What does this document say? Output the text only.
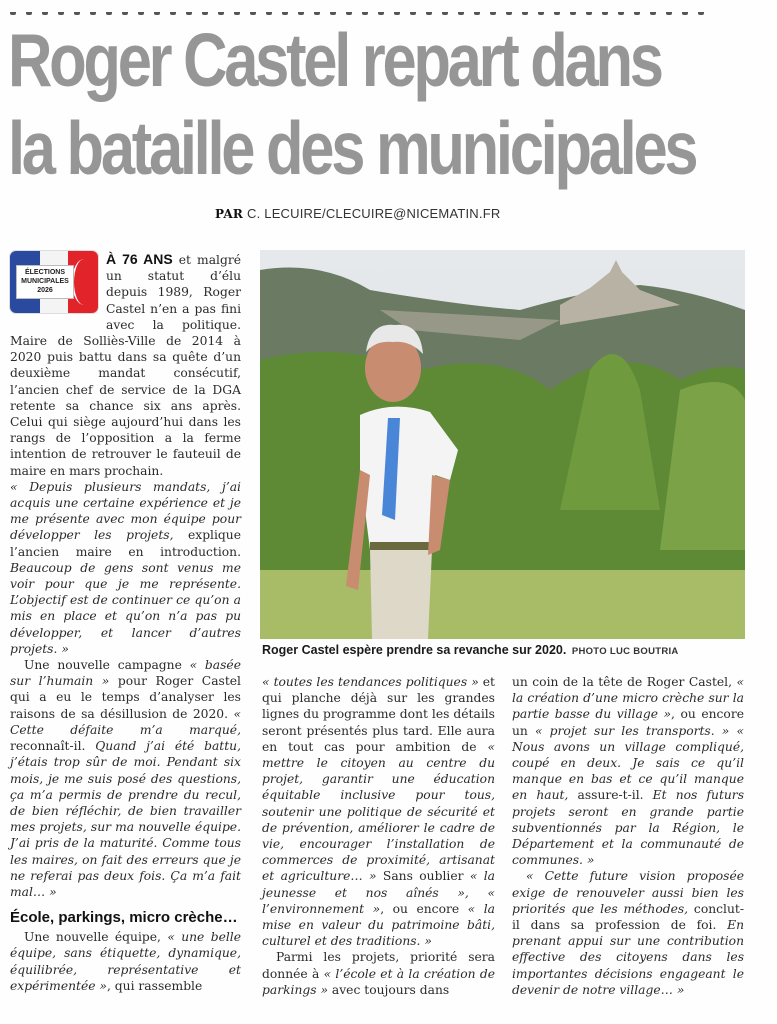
Roger Castel repart dans
la bataille des municipales
PAR C. LECUIRE/CLECUIRE@NICEMATIN.FR
ÉLECTIONS
MUNICIPALES
2026

À 76 ANS et malgré un statut d’élu depuis 1989, Roger Castel n’en a pas fini avec la politique. Maire de Solliès-Ville de 2014 à 2020 puis battu dans sa quête d’un deuxième mandat consécutif, l’ancien chef de service de la DGA retente sa chance six ans après. Celui qui siège aujourd’hui dans les rangs de l’opposition a la ferme intention de retrouver le fauteuil de maire en mars prochain.

« Depuis plusieurs mandats, j’ai acquis une certaine expérience et je me présente avec mon équipe pour développer les projets, explique l’ancien maire en introduction. Beaucoup de gens sont venus me voir pour que je me représente. L’objectif est de continuer ce qu’on a mis en place et qu’on n’a pas pu développer, et lancer d’autres projets. »

Une nouvelle campagne « basée sur l’humain » pour Roger Castel qui a eu le temps d’analyser les raisons de sa désillusion de 2020. « Cette défaite m’a marqué, reconnaît-il. Quand j’ai été battu, j’étais trop sûr de moi. Pendant six mois, je me suis posé des questions, ça m’a permis de prendre du recul, de bien réfléchir, de bien travailler mes projets, sur ma nouvelle équipe. J’ai pris de la maturité. Comme tous les maires, on fait des erreurs que je ne referai pas deux fois. Ça m’a fait mal… »

École, parkings, micro crèche…

Une nouvelle équipe, « une belle équipe, sans étiquette, dynamique, équilibrée, représentative et expérimentée », qui rassemble

Roger Castel espère prendre sa revanche sur 2020. PHOTO LUC BOUTRIA

« toutes les tendances politiques » et qui planche déjà sur les grandes lignes du programme dont les détails seront présentés plus tard. Elle aura en tout cas pour ambition de « mettre le citoyen au centre du projet, garantir une éducation équitable inclusive pour tous, soutenir une politique de sécurité et de prévention, améliorer le cadre de vie, encourager l’installation de commerces de proximité, artisanat et agriculture… » Sans oublier « la jeunesse et nos aînés », « l’environnement », ou encore « la mise en valeur du patrimoine bâti, culturel et des traditions. »

Parmi les projets, priorité sera donnée à « l’école et à la création de parkings » avec toujours dans

un coin de la tête de Roger Castel, « la création d’une micro crèche sur la partie basse du village », ou encore un « projet sur les transports. » « Nous avons un village compliqué, coupé en deux. Je sais ce qu’il manque en bas et ce qu’il manque en haut, assure-t-il. Et nos futurs projets seront en grande partie subventionnés par la Région, le Département et la communauté de communes. »

« Cette future vision proposée exige de renouveler aussi bien les priorités que les méthodes, conclut-il dans sa profession de foi. En prenant appui sur une contribution effective des citoyens dans les importantes décisions engageant le devenir de notre village… »
